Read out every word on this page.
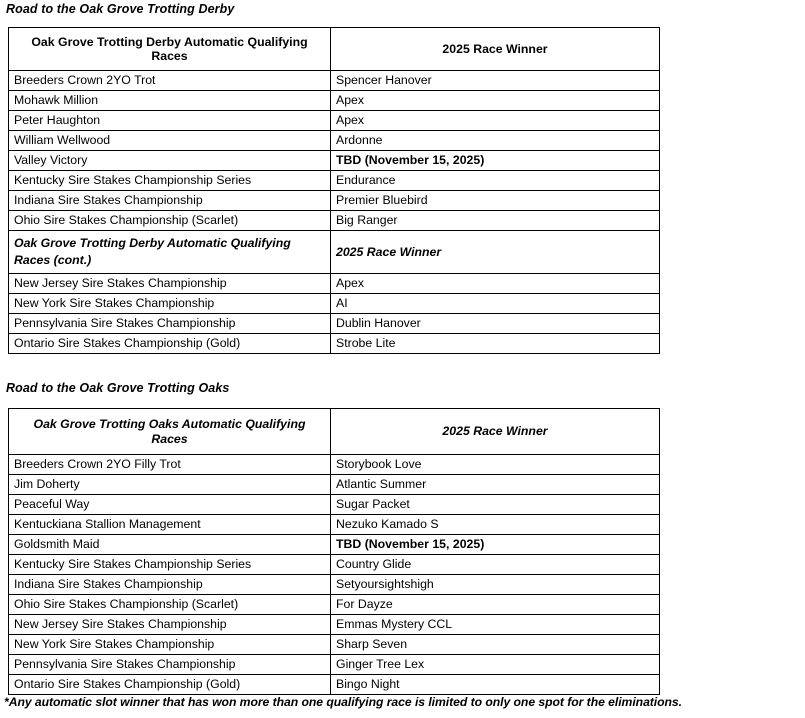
Road to the Oak Grove Trotting Derby
Oak Grove Trotting Derby Automatic Qualifying Races	2025 Race Winner
Breeders Crown 2YO Trot	Spencer Hanover
Mohawk Million	Apex
Peter Haughton	Apex
William Wellwood	Ardonne
Valley Victory	TBD (November 15, 2025)
Kentucky Sire Stakes Championship Series	Endurance
Indiana Sire Stakes Championship	Premier Bluebird
Ohio Sire Stakes Championship (Scarlet)	Big Ranger
Oak Grove Trotting Derby Automatic Qualifying Races (cont.)	2025 Race Winner
New Jersey Sire Stakes Championship	Apex
New York Sire Stakes Championship	AI
Pennsylvania Sire Stakes Championship	Dublin Hanover
Ontario Sire Stakes Championship (Gold)	Strobe Lite
Road to the Oak Grove Trotting Oaks
Oak Grove Trotting Oaks Automatic Qualifying Races	2025 Race Winner
Breeders Crown 2YO Filly Trot	Storybook Love
Jim Doherty	Atlantic Summer
Peaceful Way	Sugar Packet
Kentuckiana Stallion Management	Nezuko Kamado S
Goldsmith Maid	TBD (November 15, 2025)
Kentucky Sire Stakes Championship Series	Country Glide
Indiana Sire Stakes Championship	Setyoursightshigh
Ohio Sire Stakes Championship (Scarlet)	For Dayze
New Jersey Sire Stakes Championship	Emmas Mystery CCL
New York Sire Stakes Championship	Sharp Seven
Pennsylvania Sire Stakes Championship	Ginger Tree Lex
Ontario Sire Stakes Championship (Gold)	Bingo Night
*Any automatic slot winner that has won more than one qualifying race is limited to only one spot for the eliminations.
